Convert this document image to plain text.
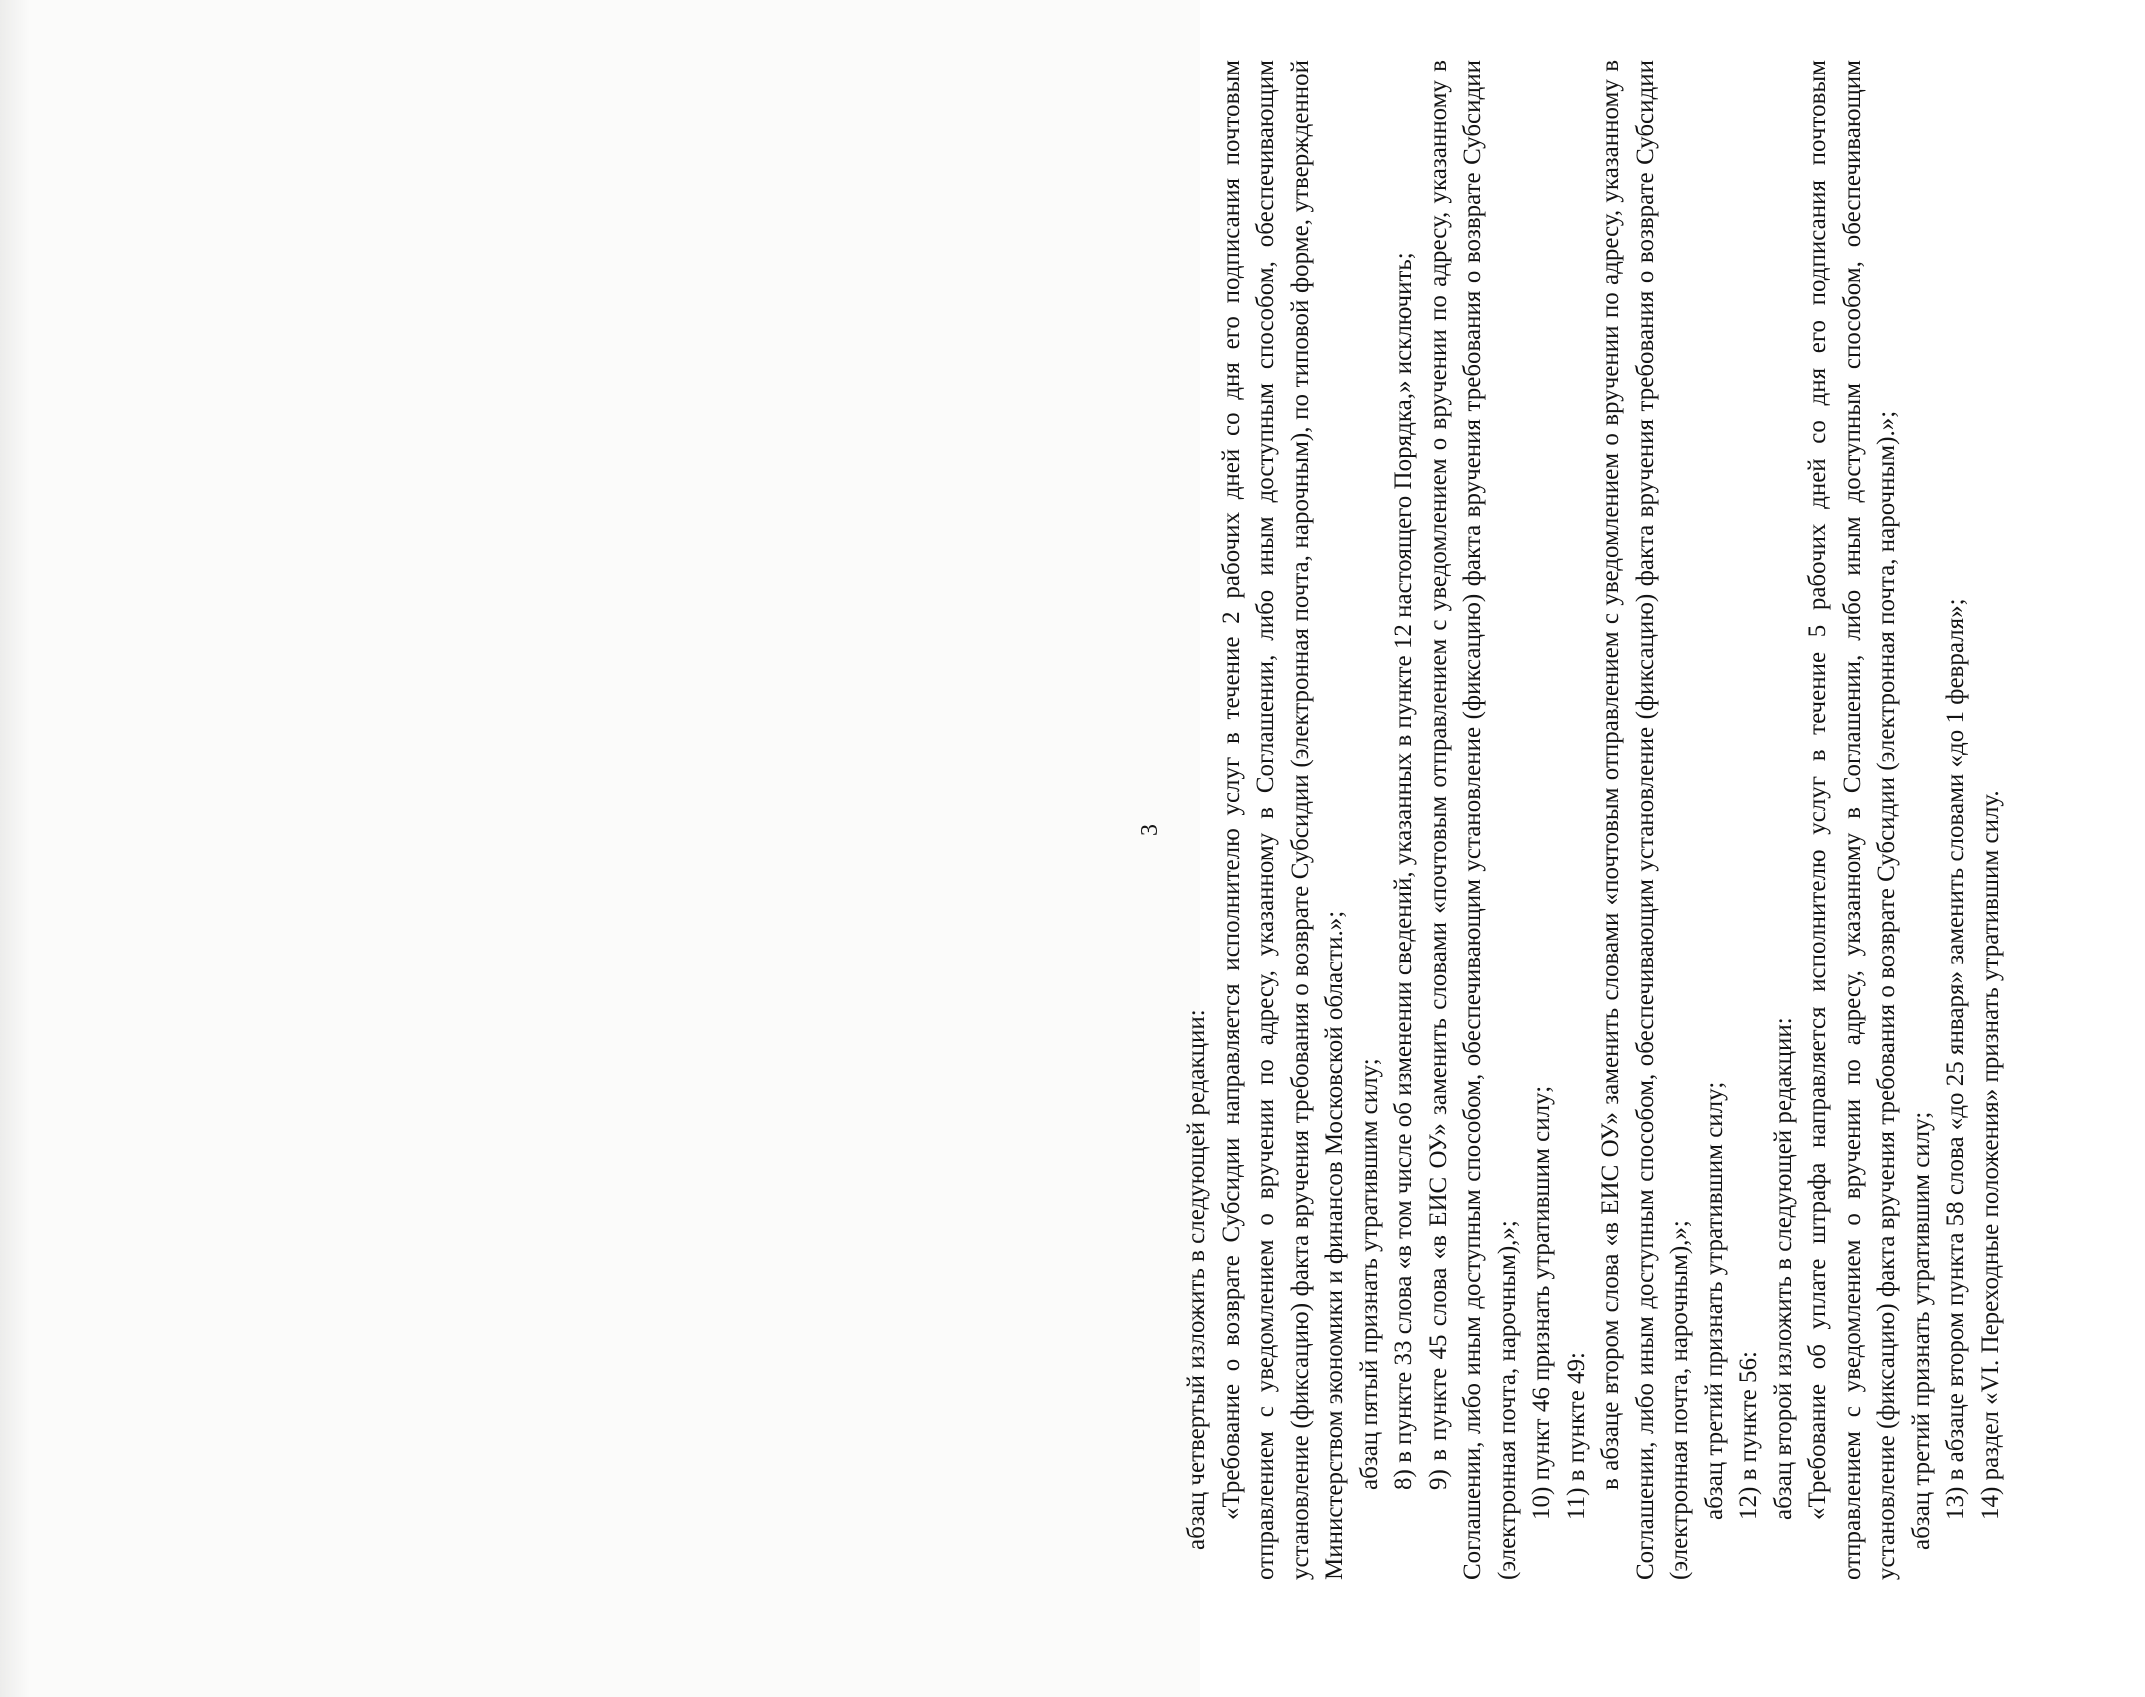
3

абзац четвертый изложить в следующей редакции: «Требование о возврате Субсидии направляется исполнителю услуг в течение 2 рабочих дней со дня его подписания почтовым отправлением с уведомлением о вручении по адресу, указанному в Соглашении, либо иным доступным способом, обеспечивающим установление (фиксацию) факта вручения требования о возврате Субсидии (электронная почта, нарочным), по типовой форме, утвержденной Министерством экономики и финансов Московской области.»; абзац пятый признать утратившим силу; 8) в пункте 33 слова «в том числе об изменении сведений, указанных в пункте 12 настоящего Порядка,» исключить; 9) в пункте 45 слова «в ЕИС ОУ» заменить словами «почтовым отправлением с уведомлением о вручении по адресу, указанному в Соглашении, либо иным доступным способом, обеспечивающим установление (фиксацию) факта вручения требования о возврате Субсидии (электронная почта, нарочным),»; 10) пункт 46 признать утратившим силу; 11) в пункте 49: в абзаце втором слова «в ЕИС ОУ» заменить словами «почтовым отправлением с уведомлением о вручении по адресу, указанному в Соглашении, либо иным доступным способом, обеспечивающим установление (фиксацию) факта вручения требования о возврате Субсидии (электронная почта, нарочным),»; абзац третий признать утратившим силу; 12) в пункте 56: абзац второй изложить в следующей редакции: «Требование об уплате штрафа направляется исполнителю услуг в течение 5 рабочих дней со дня его подписания почтовым отправлением с уведомлением о вручении по адресу, указанному в Соглашении, либо иным доступным способом, обеспечивающим установление (фиксацию) факта вручения требования о возврате Субсидии (электронная почта, нарочным).»; абзац третий признать утратившим силу; 13) в абзаце втором пункта 58 слова «до 25 января» заменить словами «до 1 февраля»; 14) раздел «VI. Переходные положения» признать утратившим силу.
